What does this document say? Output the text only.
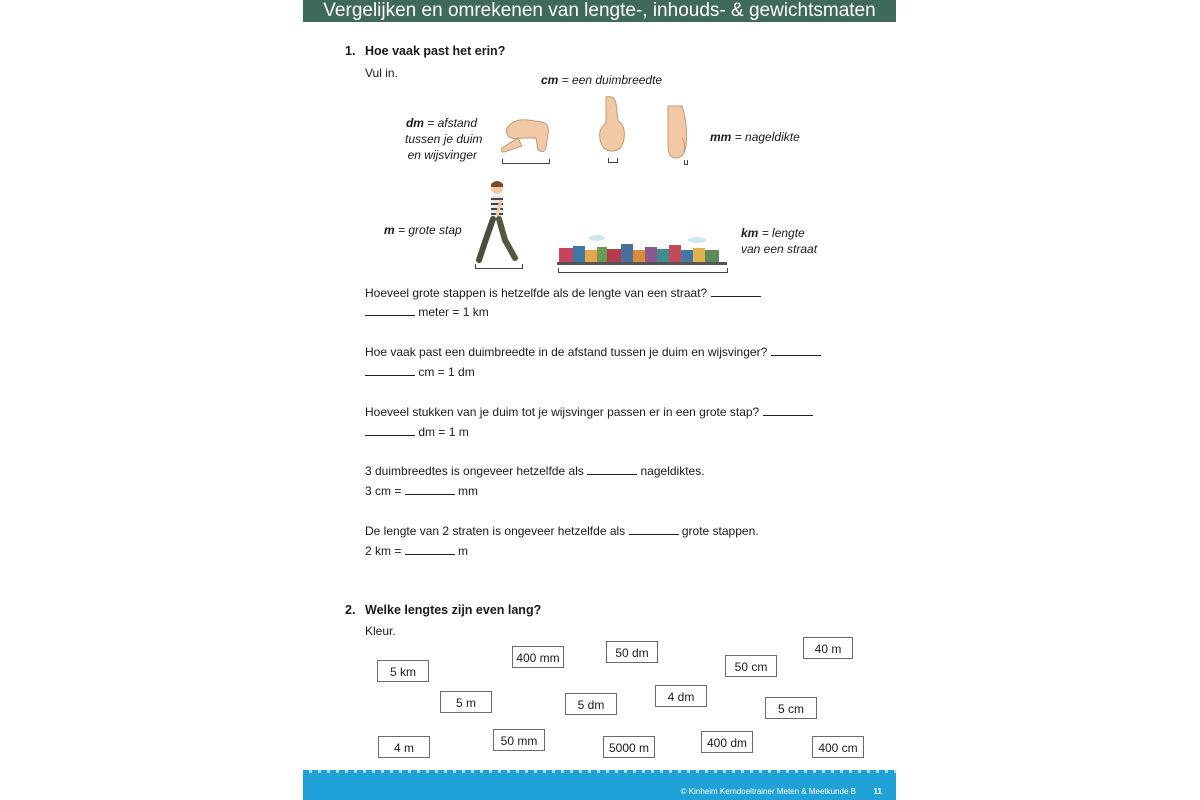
Vergelijken en omrekenen van lengte-, inhouds- & gewichtsmaten
1. Hoe vaak past het erin?
Vul in.	cm = een duimbreedte
dm = afstand
tussen je duim
en wijsvinger
mm = nageldikte
m = grote stap	km = lengte
van een straat
Hoeveel grote stappen is hetzelfde als de lengte van een straat?
meter = 1 km
Hoe vaak past een duimbreedte in de afstand tussen je duim en wijsvinger?
cm = 1 dm
Hoeveel stukken van je duim tot je wijsvinger passen er in een grote stap?
dm = 1 m
3 duimbreedtes is ongeveer hetzelfde als	nageldiktes.
3 cm =	mm
De lengte van 2 straten is ongeveer hetzelfde als	grote stappen.
2 km =	m
2. Welke lengtes zijn even lang?
Kleur.
5 km
400 mm	50 dm
50 cm
40 m
5 m	5 dm
4 dm
5 cm
4 m	50 mm	5000 m	400 dm	400 cm
© Kinheim Kerndoeltrainer Meten & Meetkunde B 11
